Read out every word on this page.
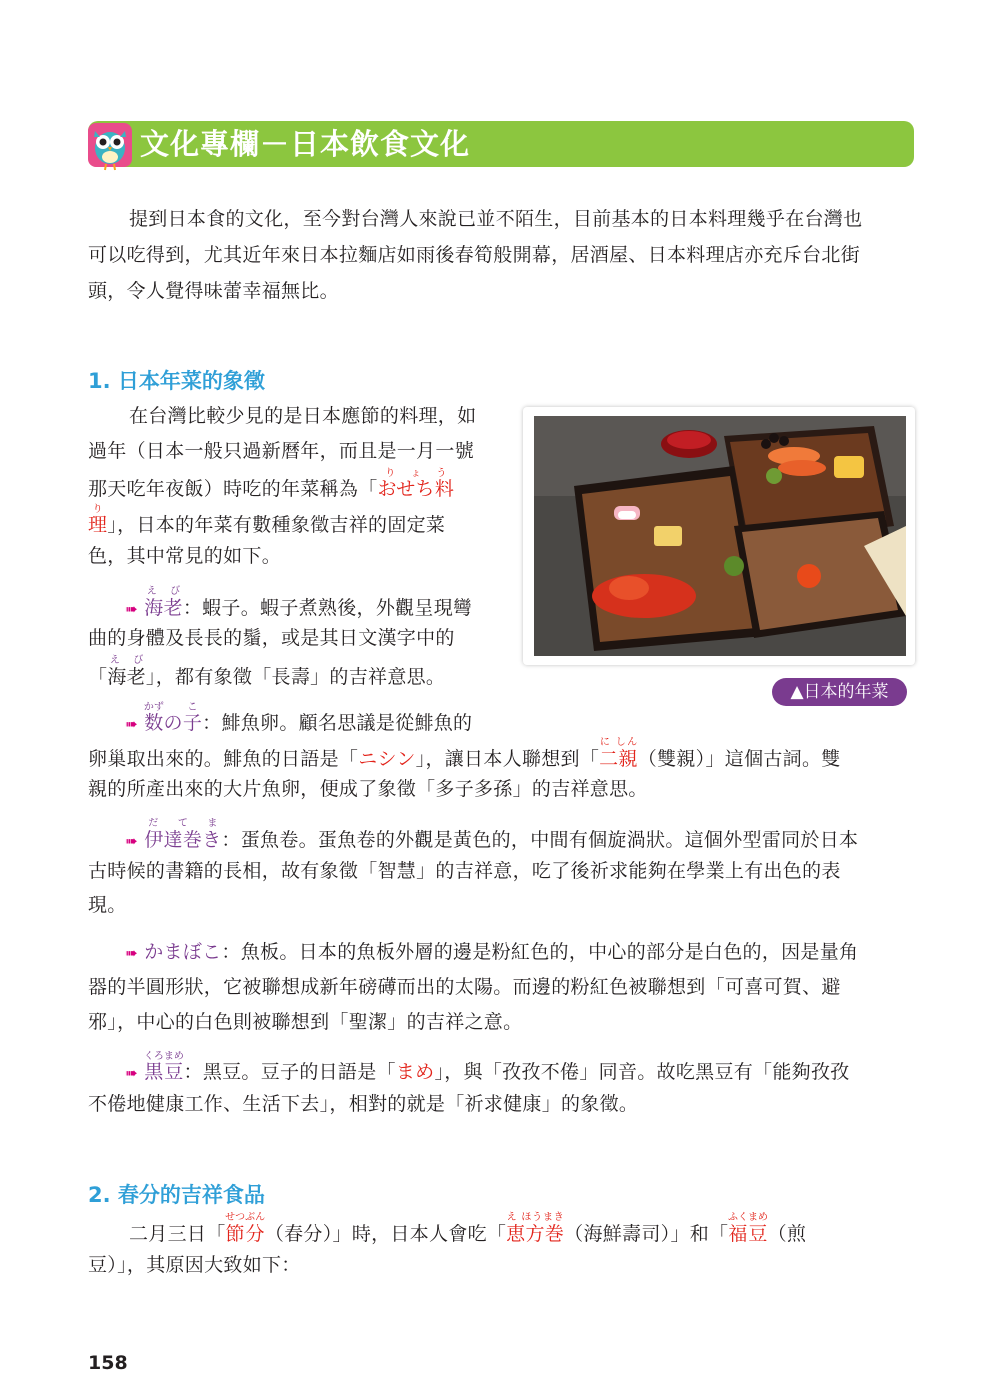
文化專欄－日本飲食文化
提到日本食的文化，至今對台灣人來說已並不陌生，目前基本的日本料理幾乎在台灣也
可以吃得到，尤其近年來日本拉麵店如雨後春筍般開幕，居酒屋、日本料理店亦充斥台北街
頭，令人覺得味蕾幸福無比。
1. 日本年菜的象徵
在台灣比較少見的是日本應節的料理，如
過年（日本一般只過新曆年，而且是一月一號
那天吃年夜飯）時吃的年菜稱為「おせち料りょう
理り」，日本的年菜有數種象徵吉祥的固定菜
色，其中常見的如下。
➠ 海老え び：蝦子。蝦子煮熟後，外觀呈現彎
曲的身體及長長的鬚，或是其日文漢字中的
「海老え び」，都有象徵「長壽」的吉祥意思。
➠ 数かずの子こ：鯡魚卵。顧名思議是從鯡魚的
卵巢取出來的。鯡魚的日語是「ニシン」，讓日本人聯想到「二親に しん（雙親）」這個古詞。雙
親的所產出來的大片魚卵，便成了象徵「多子多孫」的吉祥意思。
➠ 伊達巻きだ て ま：蛋魚卷。蛋魚卷的外觀是黃色的，中間有個旋渦狀。這個外型雷同於日本
古時候的書籍的長相，故有象徵「智慧」的吉祥意，吃了後祈求能夠在學業上有出色的表
現。
➠ かまぼこ：魚板。日本的魚板外層的邊是粉紅色的，中心的部分是白色的，因是量角
器的半圓形狀，它被聯想成新年磅礡而出的太陽。而邊的粉紅色被聯想到「可喜可賀、避
邪」，中心的白色則被聯想到「聖潔」的吉祥之意。
➠ 黒豆くろまめ：黑豆。豆子的日語是「まめ」，與「孜孜不倦」同音。故吃黑豆有「能夠孜孜
不倦地健康工作、生活下去」，相對的就是「祈求健康」的象徵。
▲日本的年菜
2. 春分的吉祥食品
二月三日「節分せつぶん（春分）」時，日本人會吃「恵方巻え ほうまき（海鮮壽司）」和「福豆ふくまめ（煎
豆）」，其原因大致如下：
158
